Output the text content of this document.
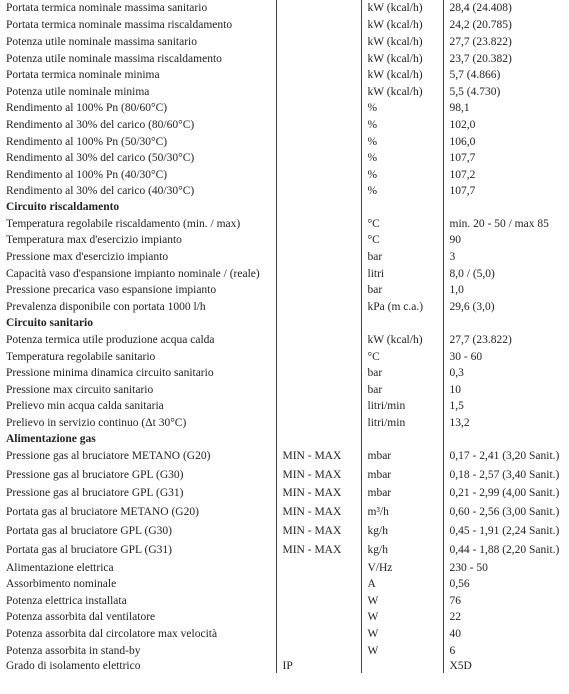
Portata termica nominale massima sanitario		kW (kcal/h)	28,4 (24.408)
Portata termica nominale massima riscaldamento		kW (kcal/h)	24,2 (20.785)
Potenza utile nominale massima sanitario		kW (kcal/h)	27,7 (23.822)
Potenza utile nominale massima riscaldamento		kW (kcal/h)	23,7 (20.382)
Portata termica nominale minima		kW (kcal/h)	5,7 (4.866)
Potenza utile nominale minima		kW (kcal/h)	5,5 (4.730)
Rendimento al 100% Pn (80/60°C)		%	98,1
Rendimento al 30% del carico (80/60°C)		%	102,0
Rendimento al 100% Pn (50/30°C)		%	106,0
Rendimento al 30% del carico (50/30°C)		%	107,7
Rendimento al 100% Pn (40/30°C)		%	107,2
Rendimento al 30% del carico (40/30°C)		%	107,7
Circuito riscaldamento			
Temperatura regolabile riscaldamento (min. / max)		°C	min. 20 - 50 / max 85
Temperatura max d'esercizio impianto		°C	90
Pressione max d'esercizio impianto		bar	3
Capacità vaso d'espansione impianto nominale / (reale)		litri	8,0 / (5,0)
Pressione precarica vaso espansione impianto		bar	1,0
Prevalenza disponibile con portata 1000 l/h		kPa (m c.a.)	29,6 (3,0)
Circuito sanitario			
Potenza termica utile produzione acqua calda		kW (kcal/h)	27,7 (23.822)
Temperatura regolabile sanitario		°C	30 - 60
Pressione minima dinamica circuito sanitario		bar	0,3
Pressione max circuito sanitario		bar	10
Prelievo min acqua calda sanitaria		litri/min	1,5
Prelievo in servizio continuo (Δt 30°C)		litri/min	13,2
Alimentazione gas			
Pressione gas al bruciatore METANO (G20)	MIN - MAX	mbar	0,17 - 2,41 (3,20 Sanit.)
Pressione gas al bruciatore GPL (G30)	MIN - MAX	mbar	0,18 - 2,57 (3,40 Sanit.)
Pressione gas al bruciatore GPL (G31)	MIN - MAX	mbar	0,21 - 2,99 (4,00 Sanit.)
Portata gas al bruciatore METANO (G20)	MIN - MAX	m³/h	0,60 - 2,56 (3,00 Sanit.)
Portata gas al bruciatore GPL (G30)	MIN - MAX	kg/h	0,45 - 1,91 (2,24 Sanit.)
Portata gas al bruciatore GPL (G31)	MIN - MAX	kg/h	0,44 - 1,88 (2,20 Sanit.)
Alimentazione elettrica		V/Hz	230 - 50
Assorbimento nominale		A	0,56
Potenza elettrica installata		W	76
Potenza assorbita dal ventilatore		W	22
Potenza assorbita dal circolatore max velocità		W	40
Potenza assorbita in stand-by		W	6
Grado di isolamento elettrico	IP		X5D
